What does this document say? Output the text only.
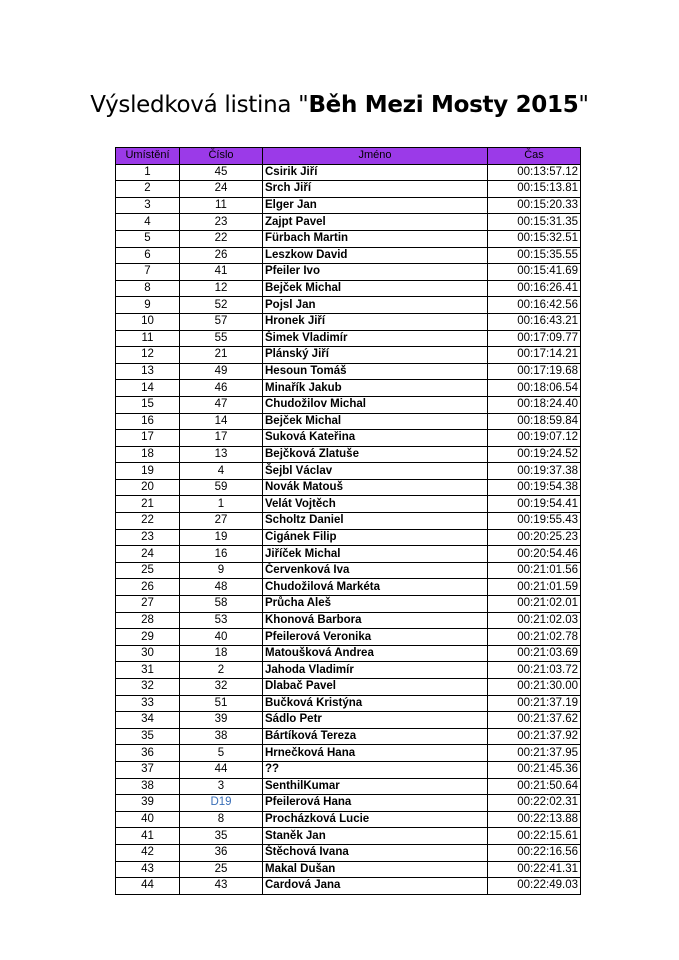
Výsledková listina "Běh Mezi Mosty 2015"
Umístění	Číslo	Jméno	Čas
1	45	Csirik Jiří	00:13:57.12
2	24	Srch Jiří	00:15:13.81
3	11	Elger Jan	00:15:20.33
4	23	Zajpt Pavel	00:15:31.35
5	22	Fürbach Martin	00:15:32.51
6	26	Leszkow David	00:15:35.55
7	41	Pfeiler Ivo	00:15:41.69
8	12	Bejček Michal	00:16:26.41
9	52	Pojsl Jan	00:16:42.56
10	57	Hronek Jiří	00:16:43.21
11	55	Šimek Vladimír	00:17:09.77
12	21	Plánský Jiří	00:17:14.21
13	49	Hesoun Tomáš	00:17:19.68
14	46	Minařík Jakub	00:18:06.54
15	47	Chudožilov Michal	00:18:24.40
16	14	Bejček Michal	00:18:59.84
17	17	Suková Kateřina	00:19:07.12
18	13	Bejčková Zlatuše	00:19:24.52
19	4	Šejbl Václav	00:19:37.38
20	59	Novák Matouš	00:19:54.38
21	1	Velát Vojtěch	00:19:54.41
22	27	Scholtz Daniel	00:19:55.43
23	19	Cigánek Filip	00:20:25.23
24	16	Jiříček Michal	00:20:54.46
25	9	Červenková Iva	00:21:01.56
26	48	Chudožilová Markéta	00:21:01.59
27	58	Průcha Aleš	00:21:02.01
28	53	Khonová Barbora	00:21:02.03
29	40	Pfeilerová Veronika	00:21:02.78
30	18	Matoušková Andrea	00:21:03.69
31	2	Jahoda Vladimír	00:21:03.72
32	32	Dlabač Pavel	00:21:30.00
33	51	Bučková Kristýna	00:21:37.19
34	39	Sádlo Petr	00:21:37.62
35	38	Bártíková Tereza	00:21:37.92
36	5	Hrnečková Hana	00:21:37.95
37	44	??	00:21:45.36
38	3	SenthilKumar	00:21:50.64
39	D19	Pfeilerová Hana	00:22:02.31
40	8	Procházková Lucie	00:22:13.88
41	35	Staněk Jan	00:22:15.61
42	36	Štěchová Ivana	00:22:16.56
43	25	Makal Dušan	00:22:41.31
44	43	Cardová Jana	00:22:49.03
